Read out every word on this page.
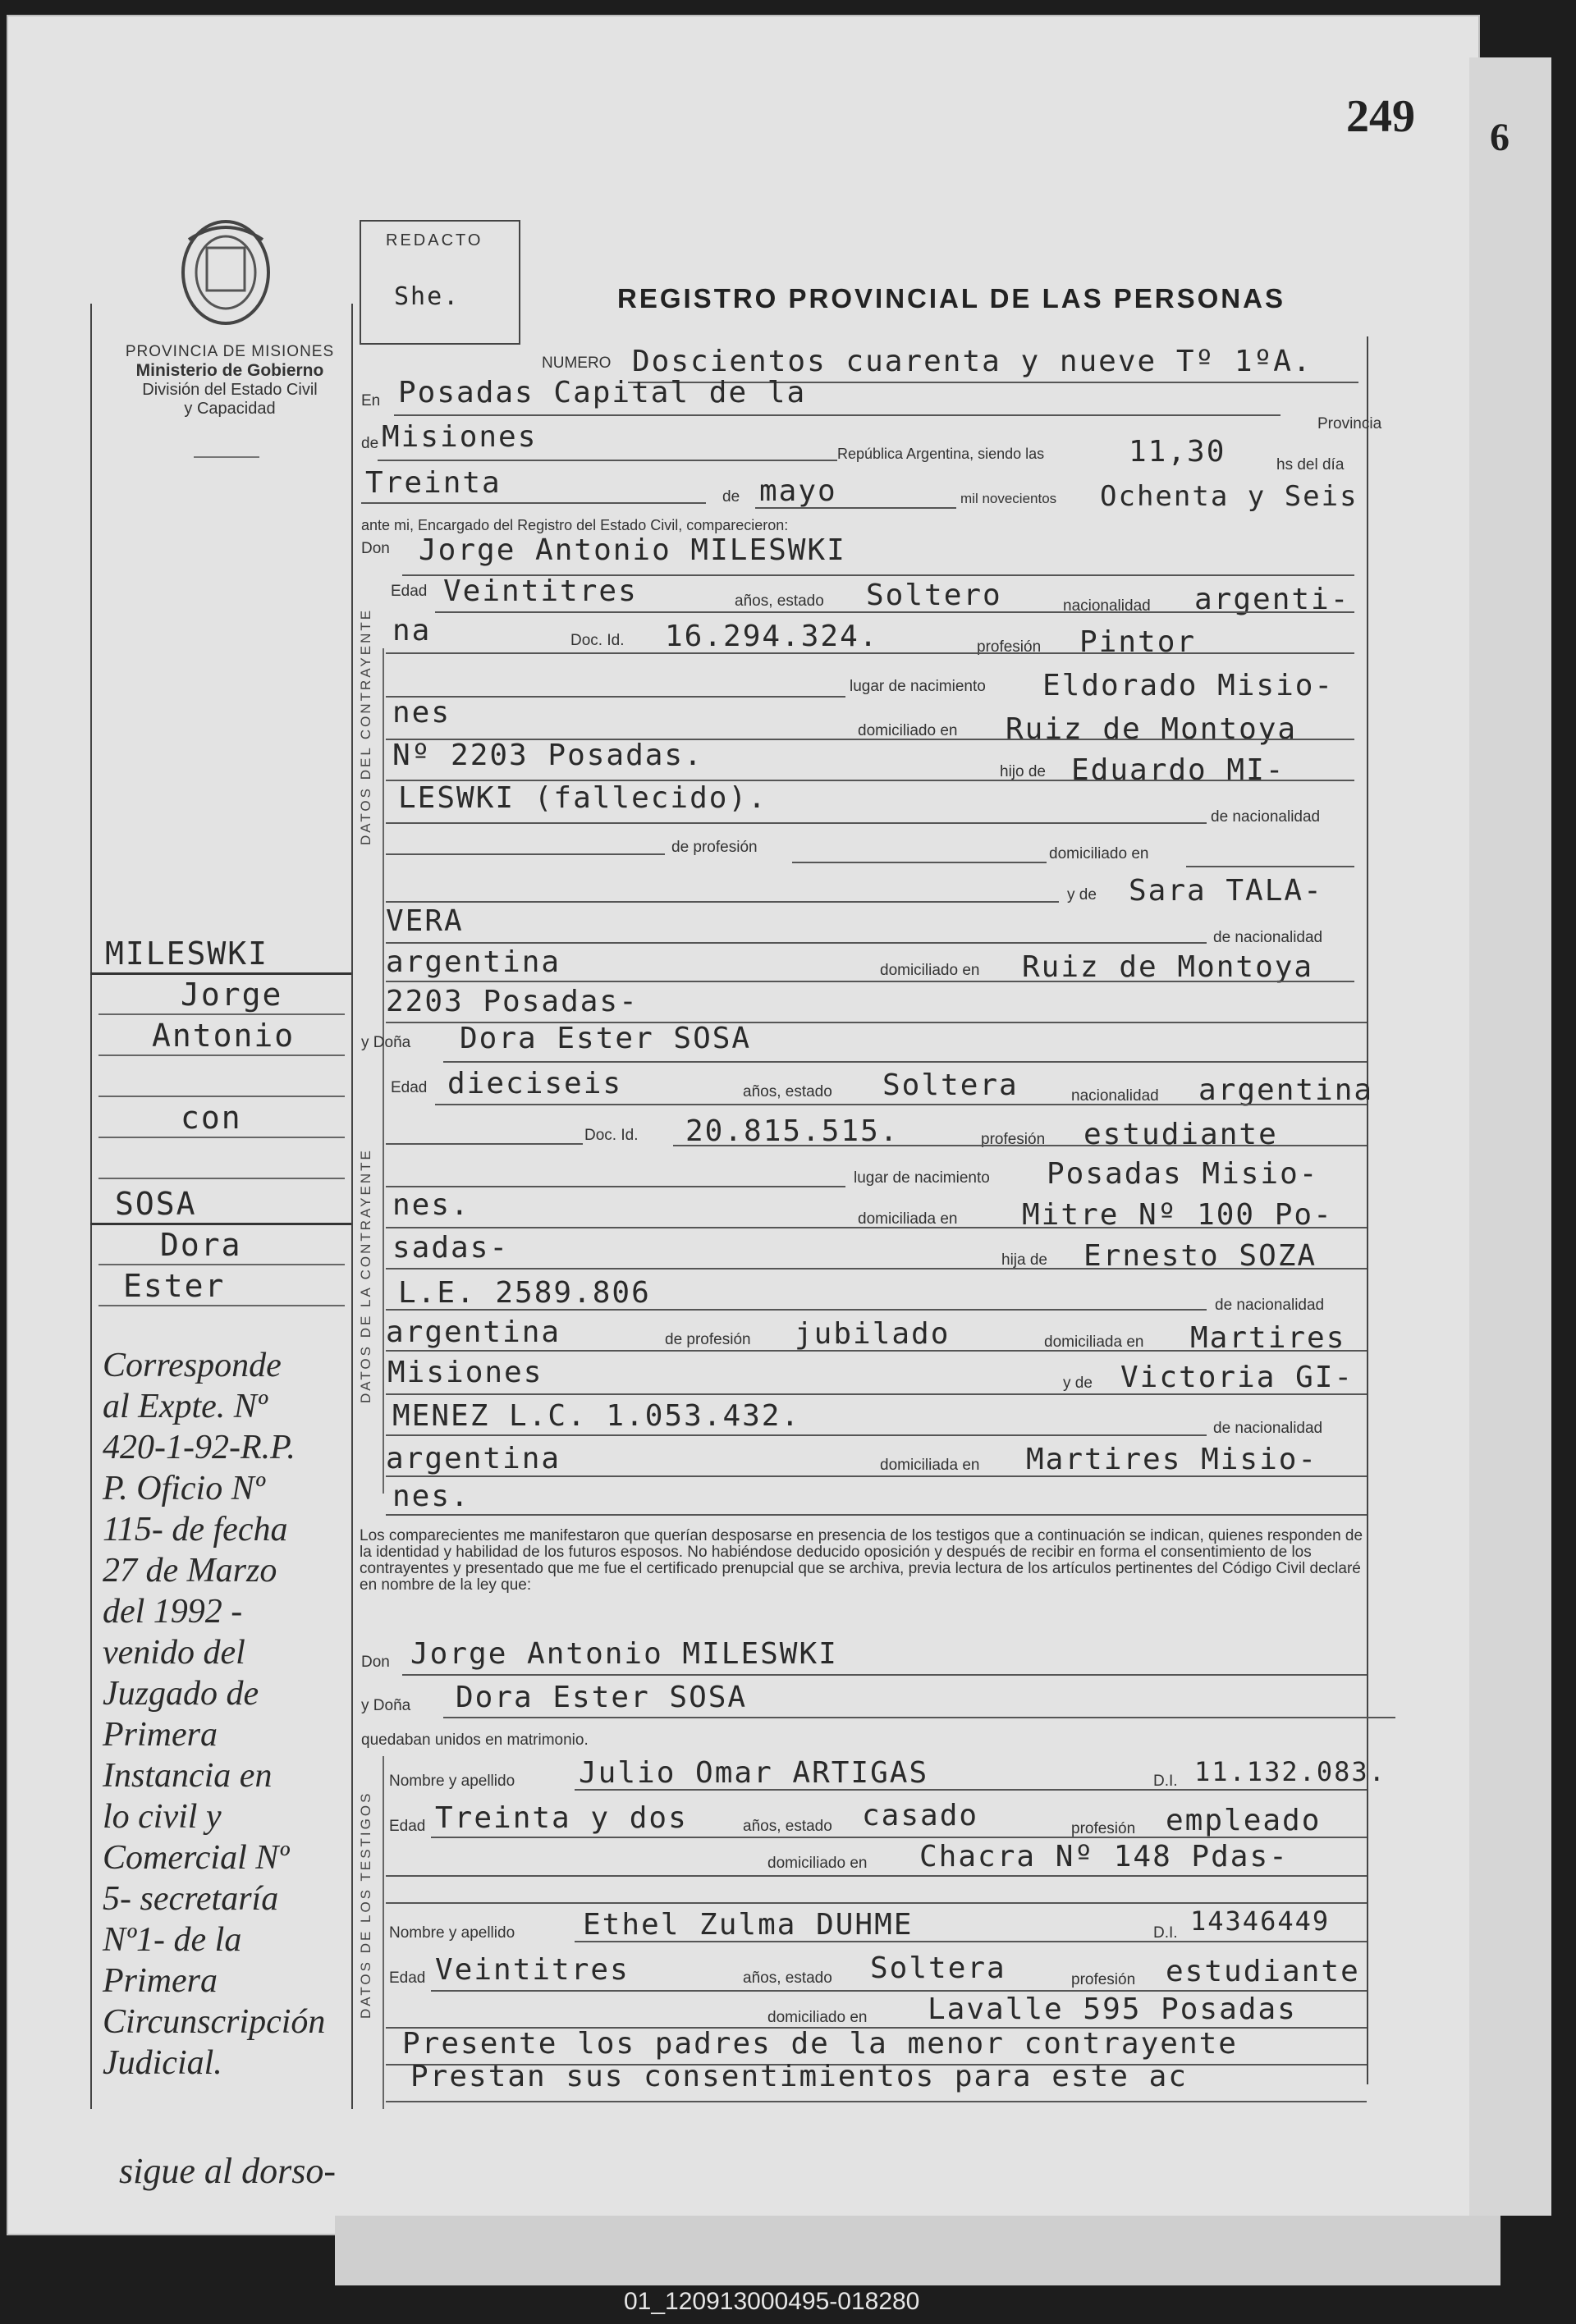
249 6
PROVINCIA DE MISIONES
Ministerio de Gobierno
División del Estado Civil
y Capacidad
REDACTO
She.	REGISTRO PROVINCIAL DE LAS PERSONAS
DATOS DEL CONTRAYENTE
DATOS DE LA CONTRAYENTE
DATOS DE LOS TESTIGOS
NUMERO Doscientos cuarenta y nueve Tº 1ºA.
En Posadas Capital de la
Provincia
de Misiones	República Argentina, siendo las	11,30	hs del día
Treinta	de mayo	mil novecientos Ochenta y Seis
ante mi, Encargado del Registro del Estado Civil, comparecieron:
Don Jorge Antonio MILESWKI
Edad Veintitres	años, estado Soltero	nacionalidad argenti-
na	Doc. Id. 16.294.324.	profesión Pintor
lugar de nacimiento Eldorado Misio-
nes
domiciliado en Ruiz de Montoya
Nº 2203 Posadas.	hijo de Eduardo MI-
LESWKI (fallecido).
de nacionalidad
de profesión	domiciliado en
y de Sara TALA-
VERA	de nacionalidad
argentina	domiciliado en Ruiz de Montoya
2203 Posadas-
y Doña Dora Ester SOSA
Edad dieciseis	años, estado Soltera	nacionalidad argentina
Doc. Id. 20.815.515.	profesión estudiante
lugar de nacimiento Posadas Misio-
nes.	domiciliada en Mitre Nº 100 Po-
sadas-	hija de Ernesto SOZA
L.E. 2589.806	de nacionalidad
argentina	de profesión jubilado	domiciliada en Martires
Misiones	y de Victoria GI-
MENEZ L.C. 1.053.432.	de nacionalidad
argentina	domiciliada en Martires Misio-
nes.
Los comparecientes me manifestaron que querían desposarse en presencia de los testigos que a continuación se indican, quienes responden de la identidad y habilidad de los futuros esposos. No habiéndose deducido oposición y después de recibir en forma el consentimiento de los contrayentes y presentado que me fue el certificado prenupcial que se archiva, previa lectura de los artículos pertinentes del Código Civil declaré en nombre de la ley que:
Don Jorge Antonio MILESWKI
y Doña Dora Ester SOSA
quedaban unidos en matrimonio.
Nombre y apellido Julio Omar ARTIGAS	D.I. 11.132.083.
Edad Treinta y dos	años, estado casado	profesión empleado
domiciliado en Chacra Nº 148 Pdas-
Nombre y apellido Ethel Zulma DUHME	D.I. 14346449
Edad Veintitres	años, estado Soltera	profesión estudiante
domiciliado en Lavalle 595 Posadas
Presente los padres de la menor contrayente
Prestan sus consentimientos para este ac
MILESWKI
Jorge
Antonio
con
SOSA
Dora
Ester
Corresponde
al Expte. Nº
420-1-92-R.P.
P. Oficio Nº
115- de fecha
27 de Marzo
del 1992 -
venido del
Juzgado de
Primera
Instancia en
lo civil y
Comercial Nº
5- secretaría
Nº1- de la
Primera
Circunscripción
Judicial.
sigue al dorso-
01_120913000495-018280
